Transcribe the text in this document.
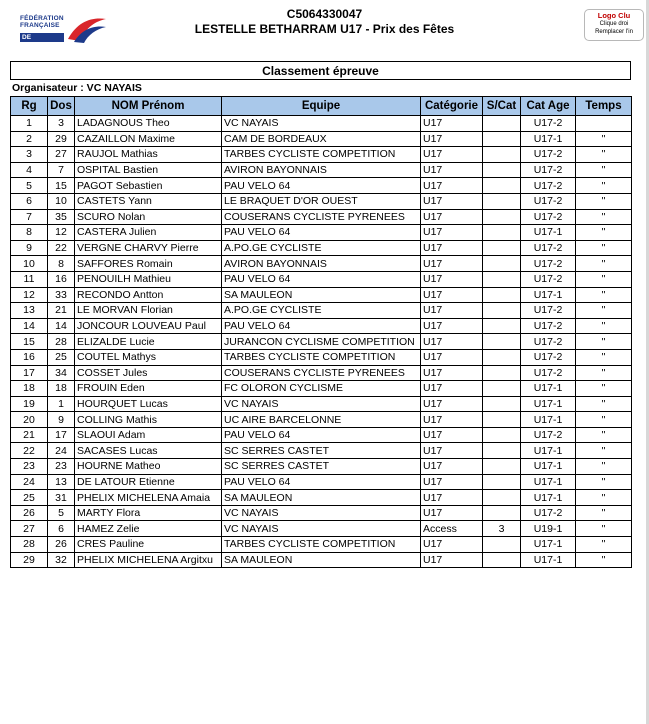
FÉDÉRATION
FRANÇAISE
DE CYCLISME
C5064330047
LESTELLE BETHARRAM U17 - Prix des Fêtes
Logo Clu
Clique droi
Remplacer l'in
Classement épreuve
Organisateur : VC NAYAIS
Rg	Dos	NOM Prénom	Equipe	Catégorie	S/Cat	Cat Age	Temps
1	3	LADAGNOUS Theo	VC NAYAIS	U17		U17-2	
2	29	CAZAILLON Maxime	CAM DE BORDEAUX	U17		U17-1	"
3	27	RAUJOL Mathias	TARBES CYCLISTE COMPETITION	U17		U17-2	"
4	7	OSPITAL Bastien	AVIRON BAYONNAIS	U17		U17-2	"
5	15	PAGOT Sebastien	PAU VELO 64	U17		U17-2	"
6	10	CASTETS Yann	LE BRAQUET D'OR OUEST	U17		U17-2	"
7	35	SCURO Nolan	COUSERANS CYCLISTE PYRENEES	U17		U17-2	"
8	12	CASTERA Julien	PAU VELO 64	U17		U17-1	"
9	22	VERGNE CHARVY Pierre	A.PO.GE CYCLISTE	U17		U17-2	"
10	8	SAFFORES Romain	AVIRON BAYONNAIS	U17		U17-2	"
11	16	PENOUILH Mathieu	PAU VELO 64	U17		U17-2	"
12	33	RECONDO Antton	SA MAULEON	U17		U17-1	"
13	21	LE MORVAN Florian	A.PO.GE CYCLISTE	U17		U17-2	"
14	14	JONCOUR LOUVEAU Paul	PAU VELO 64	U17		U17-2	"
15	28	ELIZALDE Lucie	JURANCON CYCLISME COMPETITION	U17		U17-2	"
16	25	COUTEL Mathys	TARBES CYCLISTE COMPETITION	U17		U17-2	"
17	34	COSSET Jules	COUSERANS CYCLISTE PYRENEES	U17		U17-2	"
18	18	FROUIN Eden	FC OLORON CYCLISME	U17		U17-1	"
19	1	HOURQUET Lucas	VC NAYAIS	U17		U17-1	"
20	9	COLLING Mathis	UC AIRE BARCELONNE	U17		U17-1	"
21	17	SLAOUI Adam	PAU VELO 64	U17		U17-2	"
22	24	SACASES Lucas	SC SERRES CASTET	U17		U17-1	"
23	23	HOURNE Matheo	SC SERRES CASTET	U17		U17-1	"
24	13	DE LATOUR Etienne	PAU VELO 64	U17		U17-1	"
25	31	PHELIX MICHELENA Amaia	SA MAULEON	U17		U17-1	"
26	5	MARTY Flora	VC NAYAIS	U17		U17-2	"
27	6	HAMEZ Zelie	VC NAYAIS	Access	3	U19-1	"
28	26	CRES Pauline	TARBES CYCLISTE COMPETITION	U17		U17-1	"
29	32	PHELIX MICHELENA Argitxu	SA MAULEON	U17		U17-1	"
